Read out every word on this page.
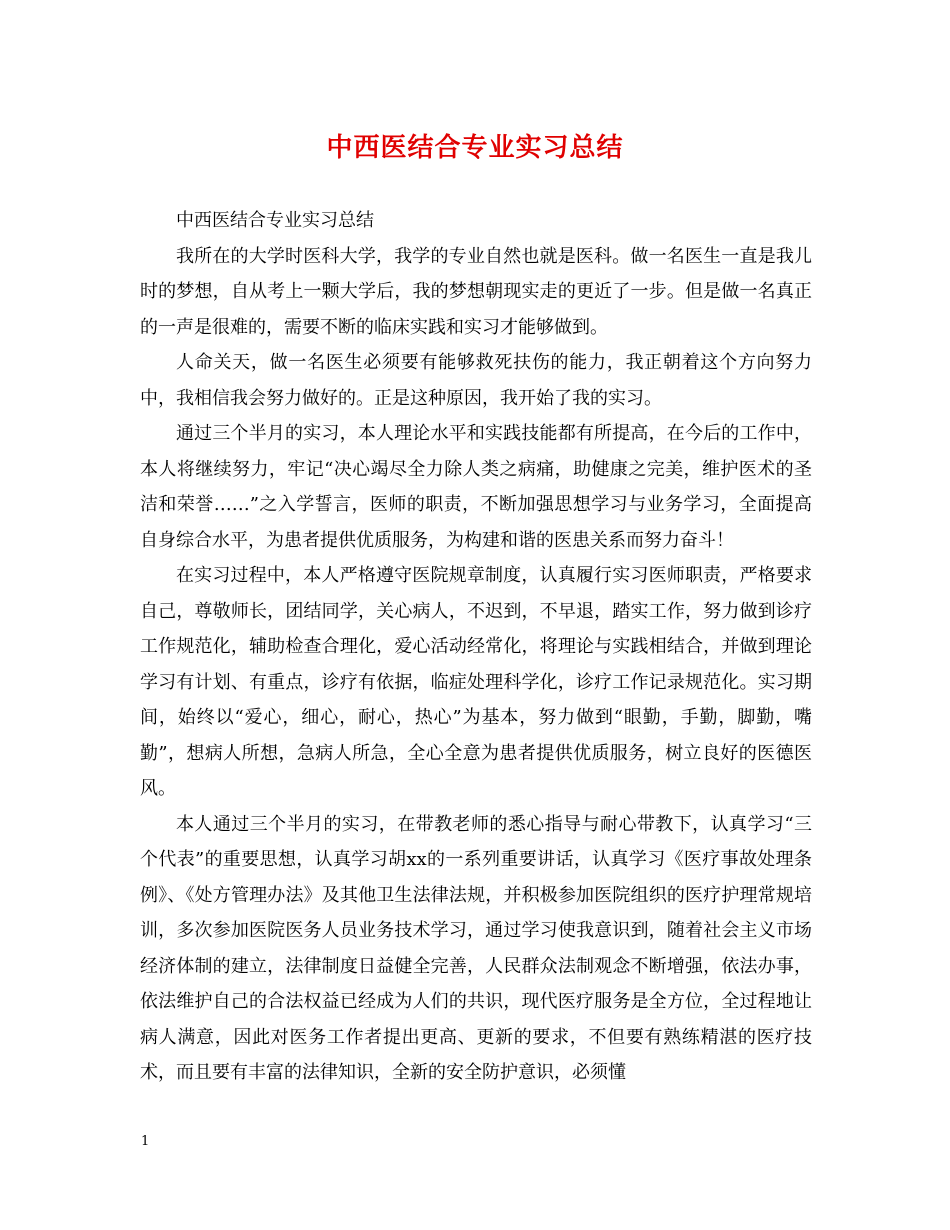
中西医结合专业实习总结

中西医结合专业实习总结

我所在的大学时医科大学，我学的专业自然也就是医科。做一名医生一直是我儿时的梦想，自从考上一颗大学后，我的梦想朝现实走的更近了一步。但是做一名真正的一声是很难的，需要不断的临床实践和实习才能够做到。

人命关天，做一名医生必须要有能够救死扶伤的能力，我正朝着这个方向努力中，我相信我会努力做好的。正是这种原因，我开始了我的实习。

通过三个半月的实习，本人理论水平和实践技能都有所提高，在今后的工作中，本人将继续努力，牢记“决心竭尽全力除人类之病痛，助健康之完美，维护医术的圣洁和荣誉……”之入学誓言，医师的职责，不断加强思想学习与业务学习，全面提高自身综合水平，为患者提供优质服务，为构建和谐的医患关系而努力奋斗！

在实习过程中，本人严格遵守医院规章制度，认真履行实习医师职责，严格要求自己，尊敬师长，团结同学，关心病人，不迟到，不早退，踏实工作，努力做到诊疗工作规范化，辅助检查合理化，爱心活动经常化，将理论与实践相结合，并做到理论学习有计划、有重点，诊疗有依据，临症处理科学化，诊疗工作记录规范化。实习期间，始终以“爱心，细心，耐心，热心”为基本，努力做到“眼勤，手勤，脚勤，嘴勤”，想病人所想，急病人所急，全心全意为患者提供优质服务，树立良好的医德医风。

本人通过三个半月的实习，在带教老师的悉心指导与耐心带教下，认真学习“三个代表”的重要思想，认真学习胡xx的一系列重要讲话，认真学习《医疗事故处理条例》、《处方管理办法》及其他卫生法律法规，并积极参加医院组织的医疗护理常规培训，多次参加医院医务人员业务技术学习，通过学习使我意识到，随着社会主义市场经济体制的建立，法律制度日益健全完善，人民群众法制观念不断增强，依法办事，依法维护自己的合法权益已经成为人们的共识，现代医疗服务是全方位，全过程地让病人满意，因此对医务工作者提出更高、更新的要求，不但要有熟练精湛的医疗技术，而且要有丰富的法律知识，全新的安全防护意识，必须懂

1
